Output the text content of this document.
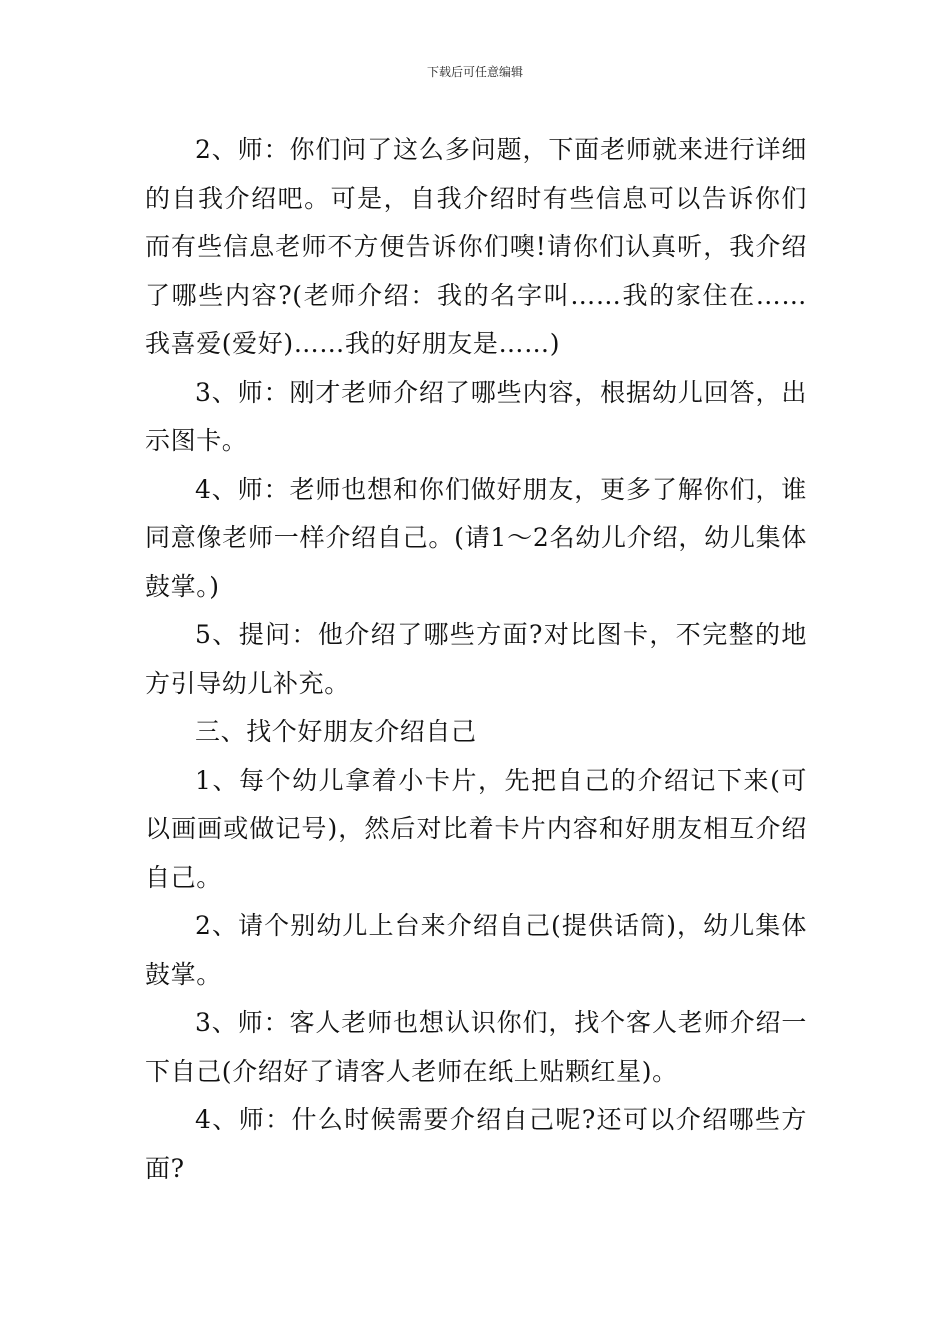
下载后可任意编辑

2、师：你们问了这么多问题，下面老师就来进行详细的自我介绍吧。可是，自我介绍时有些信息可以告诉你们而有些信息老师不方便告诉你们噢!请你们认真听，我介绍了哪些内容?(老师介绍：我的名字叫……我的家住在……我喜爱(爱好)……我的好朋友是……)

3、师：刚才老师介绍了哪些内容，根据幼儿回答，出示图卡。

4、师：老师也想和你们做好朋友，更多了解你们，谁同意像老师一样介绍自己。(请1～2名幼儿介绍，幼儿集体鼓掌。)

5、提问：他介绍了哪些方面?对比图卡，不完整的地方引导幼儿补充。

三、找个好朋友介绍自己

1、每个幼儿拿着小卡片，先把自己的介绍记下来(可以画画或做记号)，然后对比着卡片内容和好朋友相互介绍自己。

2、请个别幼儿上台来介绍自己(提供话筒)，幼儿集体鼓掌。

3、师：客人老师也想认识你们，找个客人老师介绍一下自己(介绍好了请客人老师在纸上贴颗红星)。

4、师：什么时候需要介绍自己呢?还可以介绍哪些方面?
